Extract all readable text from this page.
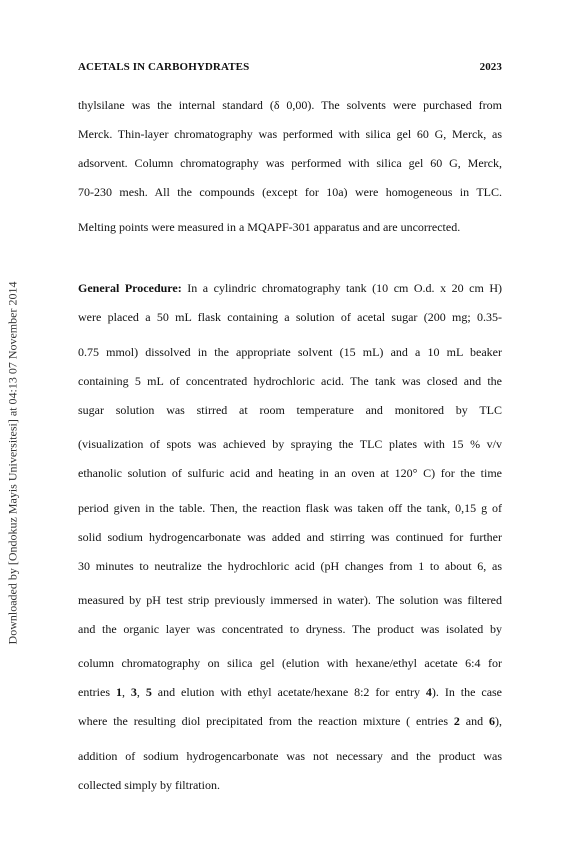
ACETALS IN CARBOHYDRATES	2023
Downloaded by [Ondokuz Mayis Universitesi] at 04:13 07 November 2014
thylsilane was the internal standard (δ 0,00). The solvents were purchased from
Merck. Thin-layer chromatography was performed with silica gel 60 G, Merck, as
adsorvent. Column chromatography was performed with silica gel 60 G, Merck,
70-230 mesh. All the compounds (except for 10a) were homogeneous in TLC.
Melting points were measured in a MQAPF-301 apparatus and are uncorrected.
General Procedure: In a cylindric chromatography tank (10 cm O.d. x 20 cm H)
were placed a 50 mL flask containing a solution of acetal sugar (200 mg; 0.35-
0.75 mmol) dissolved in the appropriate solvent (15 mL) and a 10 mL beaker
containing 5 mL of concentrated hydrochloric acid. The tank was closed and the
sugar solution was stirred at room temperature and monitored by TLC
(visualization of spots was achieved by spraying the TLC plates with 15 % v/v
ethanolic solution of sulfuric acid and heating in an oven at 120° C) for the time
period given in the table. Then, the reaction flask was taken off the tank, 0,15 g of
solid sodium hydrogencarbonate was added and stirring was continued for further
30 minutes to neutralize the hydrochloric acid (pH changes from 1 to about 6, as
measured by pH test strip previously immersed in water). The solution was filtered
and the organic layer was concentrated to dryness. The product was isolated by
column chromatography on silica gel (elution with hexane/ethyl acetate 6:4 for
entries 1, 3, 5 and elution with ethyl acetate/hexane 8:2 for entry 4). In the case
where the resulting diol precipitated from the reaction mixture ( entries 2 and 6),
addition of sodium hydrogencarbonate was not necessary and the product was
collected simply by filtration.
